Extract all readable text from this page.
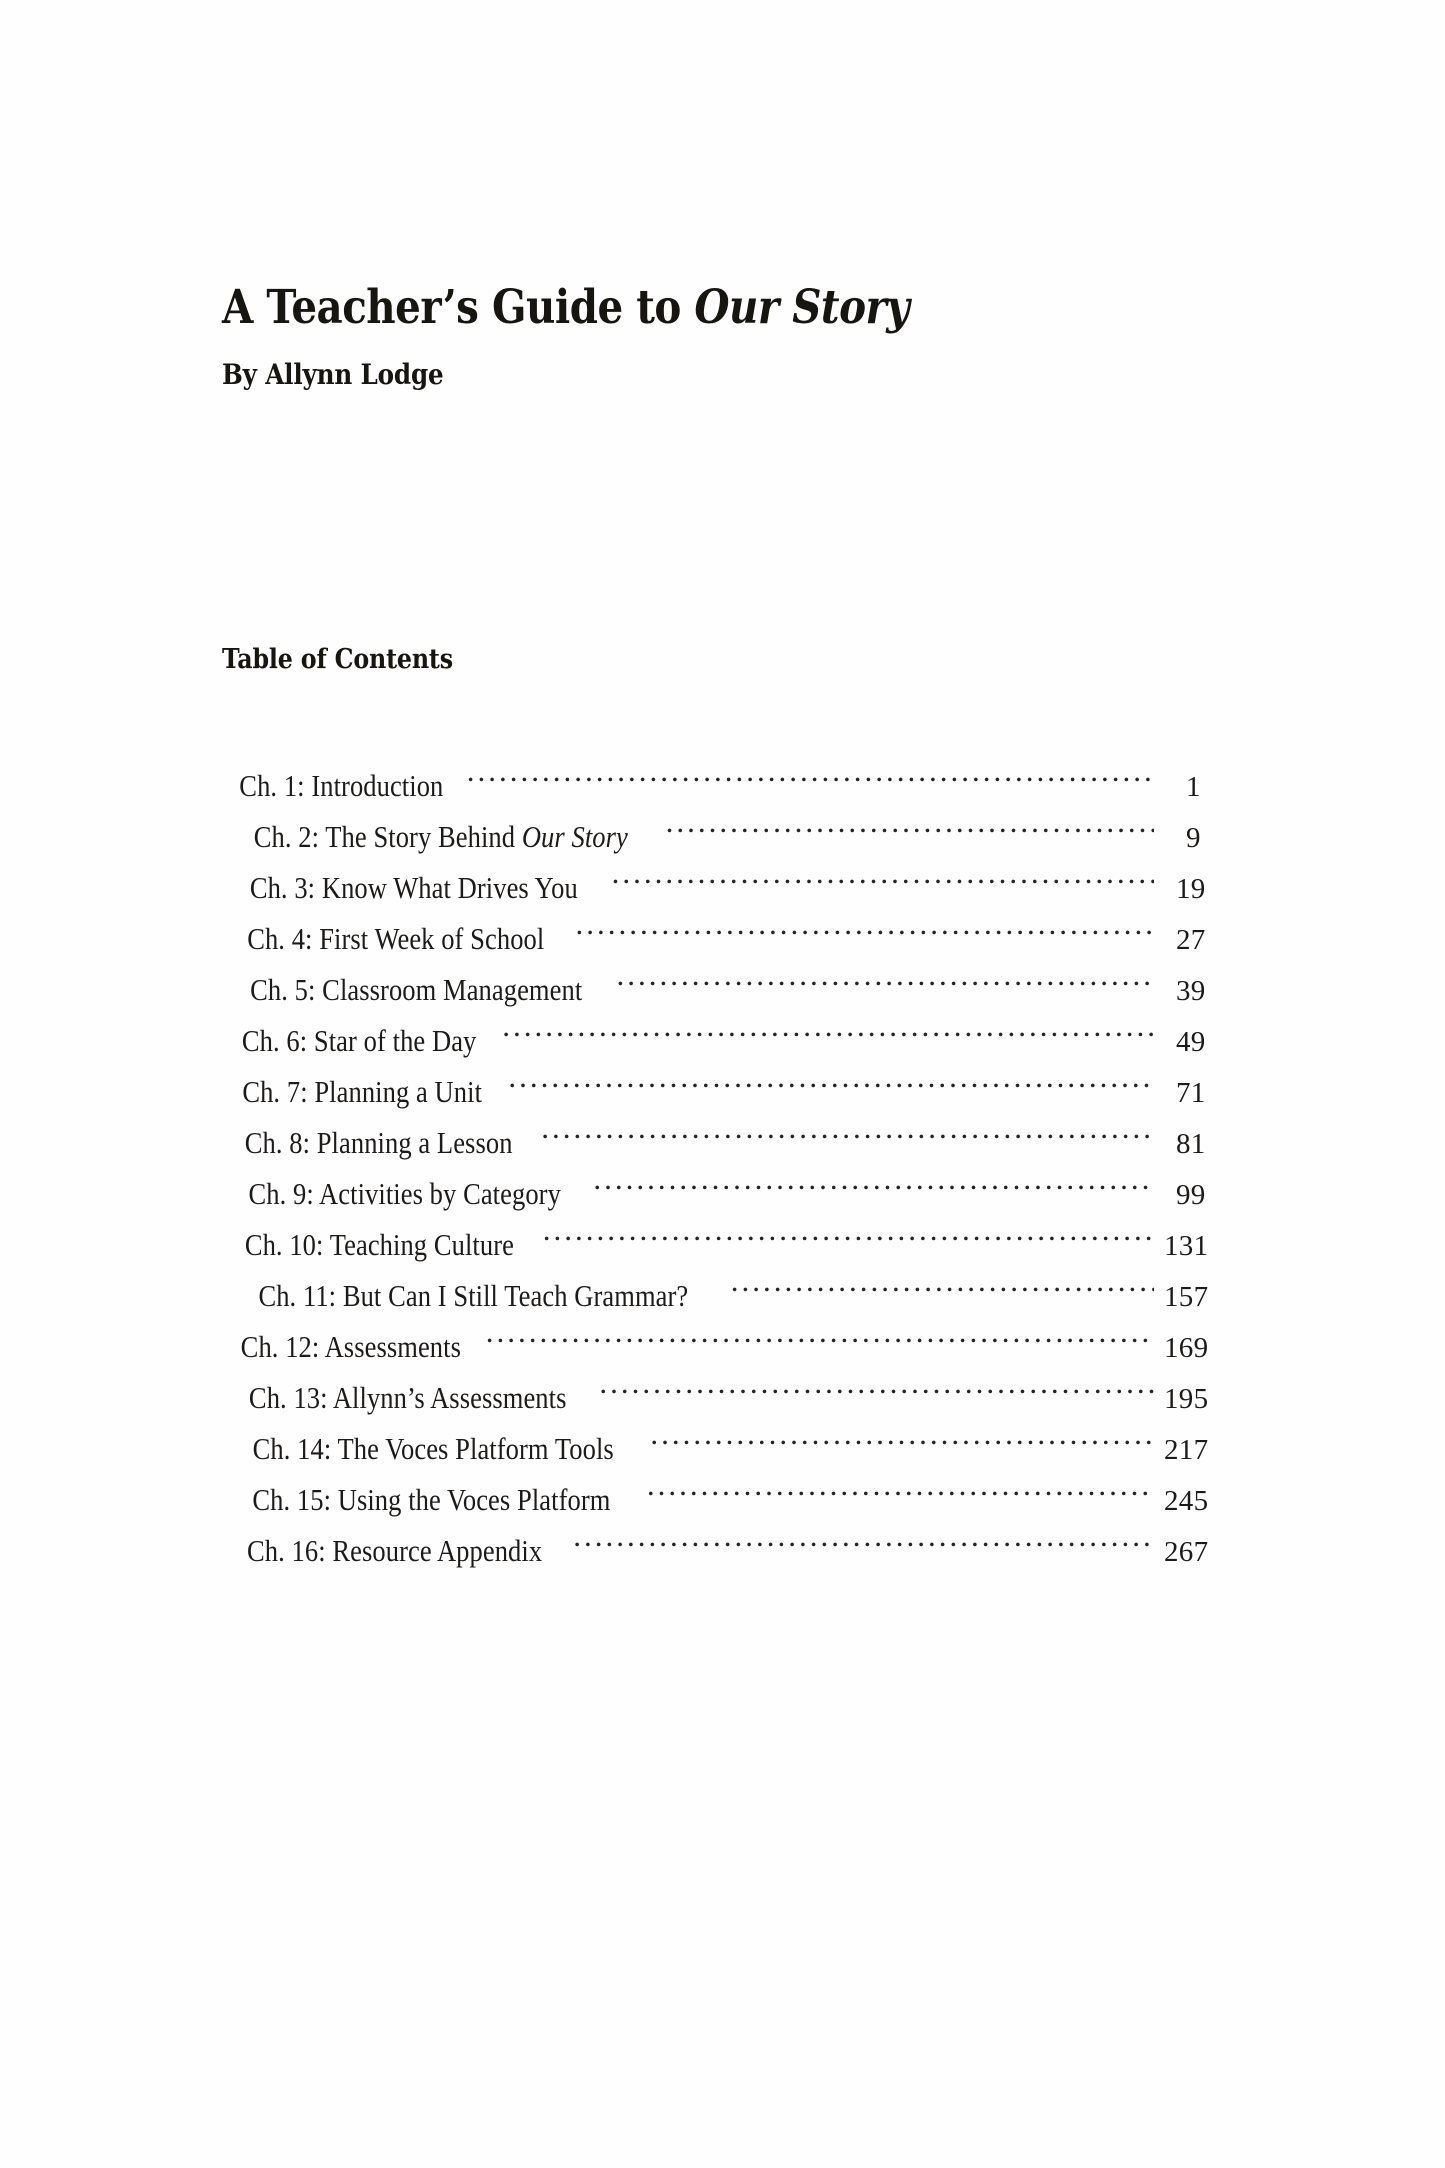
A Teacher’s Guide to Our Story

By Allynn Lodge

Table of Contents
Ch. 1: Introduction .....	1
Ch. 2: The Story Behind Our Story .....	9
Ch. 3: Know What Drives You .....	19
Ch. 4: First Week of School .....	27
Ch. 5: Classroom Management .....	39
Ch. 6: Star of the Day .....	49
Ch. 7: Planning a Unit .....	71
Ch. 8: Planning a Lesson .....	81
Ch. 9: Activities by Category .....	99
Ch. 10: Teaching Culture .....	131
Ch. 11: But Can I Still Teach Grammar? .....	157
Ch. 12: Assessments .....	169
Ch. 13: Allynn’s Assessments .....	195
Ch. 14: The Voces Platform Tools .....	217
Ch. 15: Using the Voces Platform .....	245
Ch. 16: Resource Appendix .....	267
